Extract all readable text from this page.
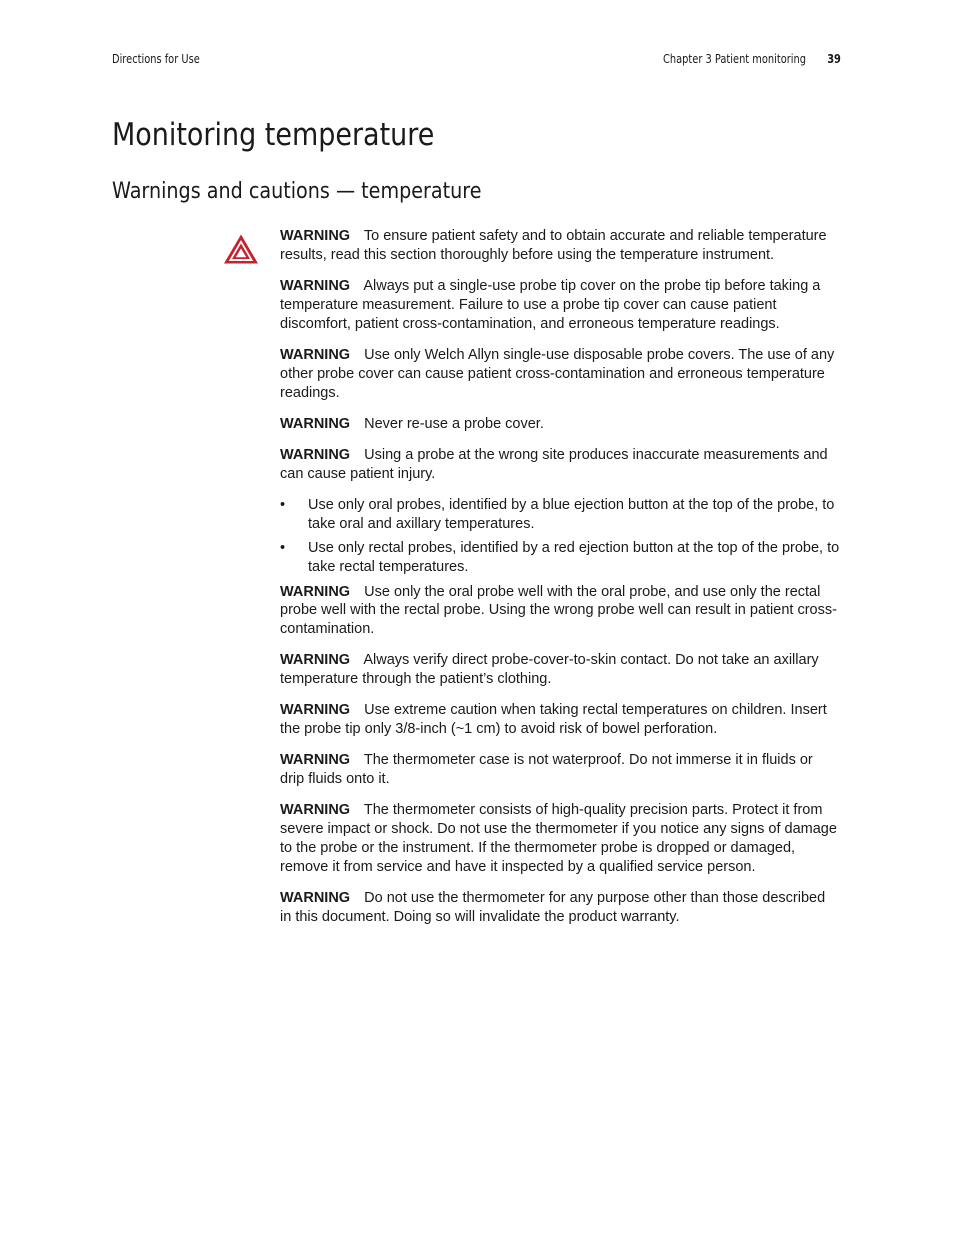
Directions for Use	Chapter 3 Patient monitoring 39
Monitoring temperature
Warnings and cautions — temperature

WARNING To ensure patient safety and to obtain accurate and reliable temperature results, read this section thoroughly before using the temperature instrument.

WARNING Always put a single-use probe tip cover on the probe tip before taking a temperature measurement. Failure to use a probe tip cover can cause patient discomfort, patient cross-contamination, and erroneous temperature readings.

WARNING Use only Welch Allyn single-use disposable probe covers. The use of any other probe cover can cause patient cross-contamination and erroneous temperature readings.

WARNING Never re-use a probe cover.

WARNING Using a probe at the wrong site produces inaccurate measurements and can cause patient injury.

• Use only oral probes, identified by a blue ejection button at the top of the probe, to take oral and axillary temperatures.
• Use only rectal probes, identified by a red ejection button at the top of the probe, to take rectal temperatures.

WARNING Use only the oral probe well with the oral probe, and use only the rectal probe well with the rectal probe. Using the wrong probe well can result in patient cross-contamination.

WARNING Always verify direct probe-cover-to-skin contact. Do not take an axillary temperature through the patient’s clothing.

WARNING Use extreme caution when taking rectal temperatures on children. Insert the probe tip only 3/8-inch (~1 cm) to avoid risk of bowel perforation.

WARNING The thermometer case is not waterproof. Do not immerse it in fluids or drip fluids onto it.

WARNING The thermometer consists of high-quality precision parts. Protect it from severe impact or shock. Do not use the thermometer if you notice any signs of damage to the probe or the instrument. If the thermometer probe is dropped or damaged, remove it from service and have it inspected by a qualified service person.

WARNING Do not use the thermometer for any purpose other than those described in this document. Doing so will invalidate the product warranty.
